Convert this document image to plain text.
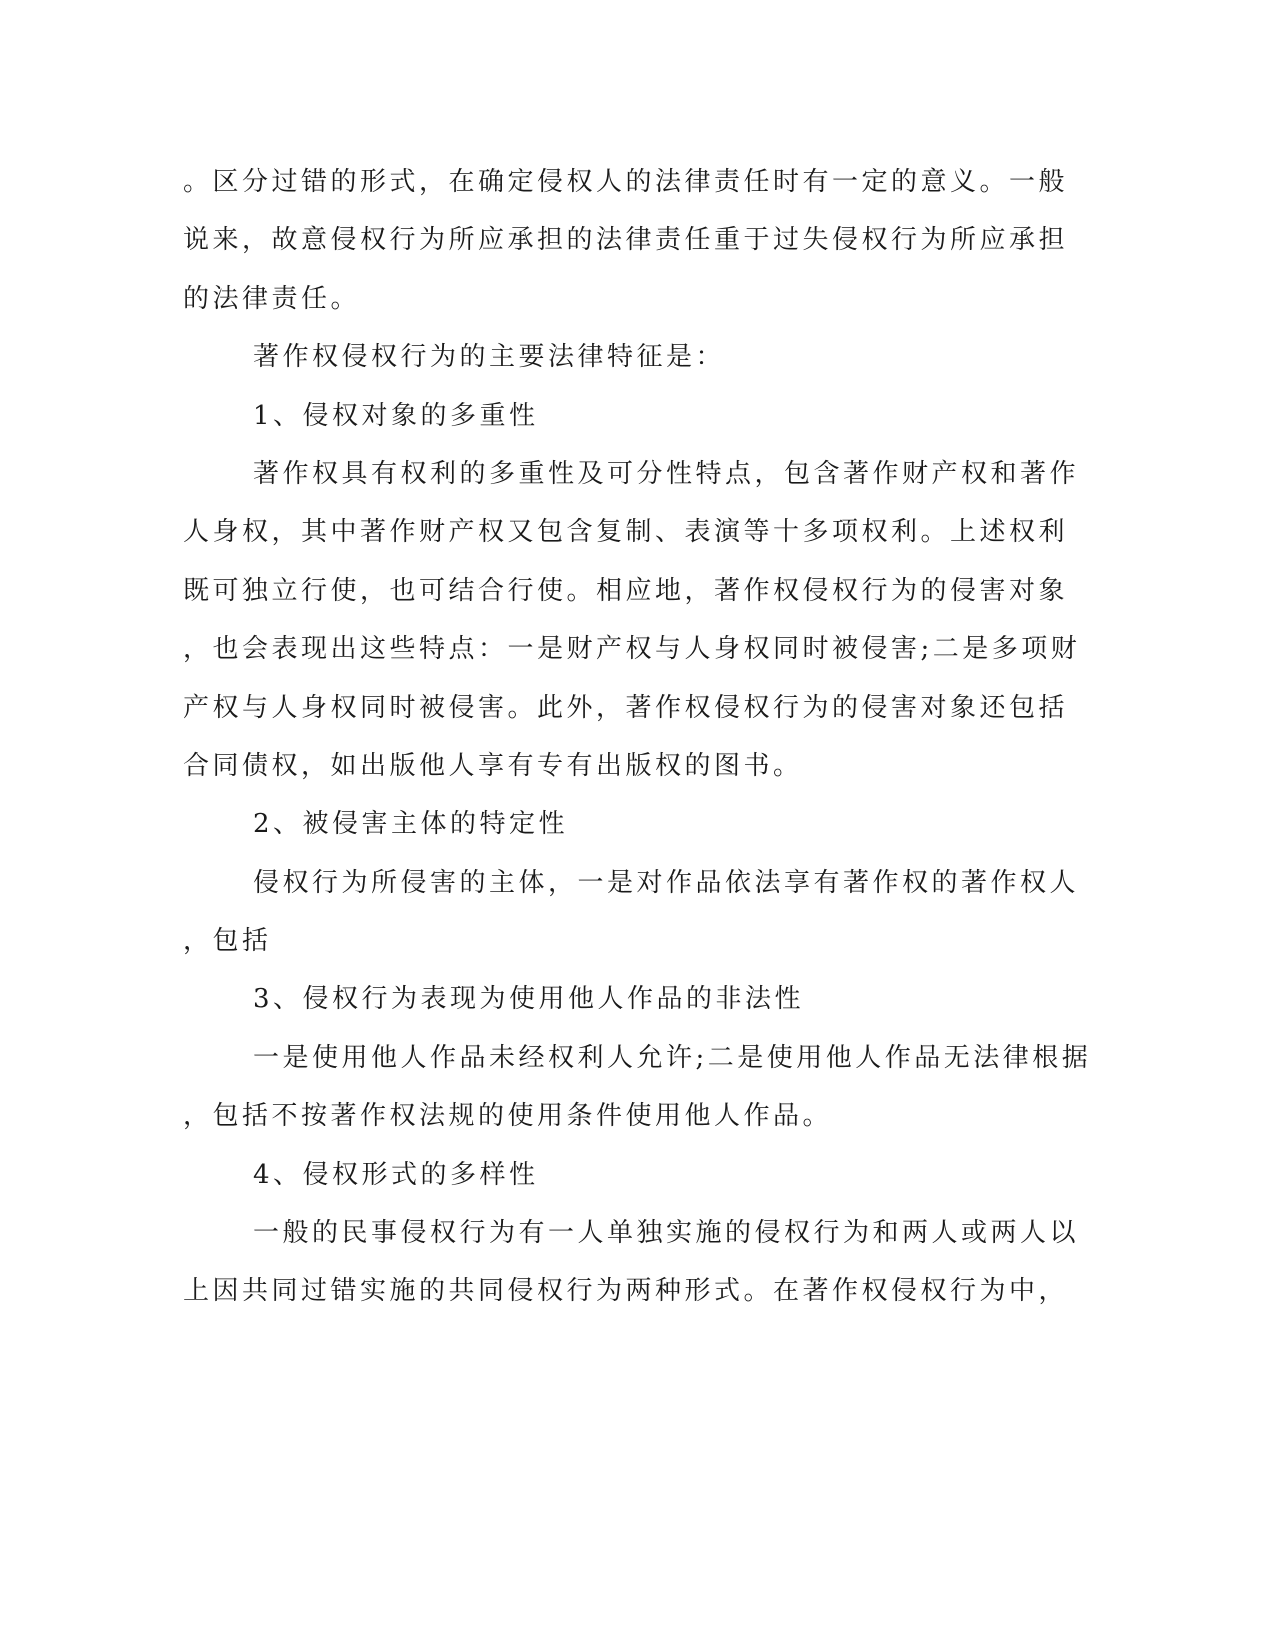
。区分过错的形式，在确定侵权人的法律责任时有一定的意义。一般
说来，故意侵权行为所应承担的法律责任重于过失侵权行为所应承担
的法律责任。
著作权侵权行为的主要法律特征是：
1、侵权对象的多重性
著作权具有权利的多重性及可分性特点，包含著作财产权和著作
人身权，其中著作财产权又包含复制、表演等十多项权利。上述权利
既可独立行使，也可结合行使。相应地，著作权侵权行为的侵害对象
，也会表现出这些特点：一是财产权与人身权同时被侵害;二是多项财
产权与人身权同时被侵害。此外，著作权侵权行为的侵害对象还包括
合同债权，如出版他人享有专有出版权的图书。
2、被侵害主体的特定性
侵权行为所侵害的主体，一是对作品依法享有著作权的著作权人
，包括
3、侵权行为表现为使用他人作品的非法性
一是使用他人作品未经权利人允许;二是使用他人作品无法律根据
，包括不按著作权法规的使用条件使用他人作品。
4、侵权形式的多样性
一般的民事侵权行为有一人单独实施的侵权行为和两人或两人以
上因共同过错实施的共同侵权行为两种形式。在著作权侵权行为中，
